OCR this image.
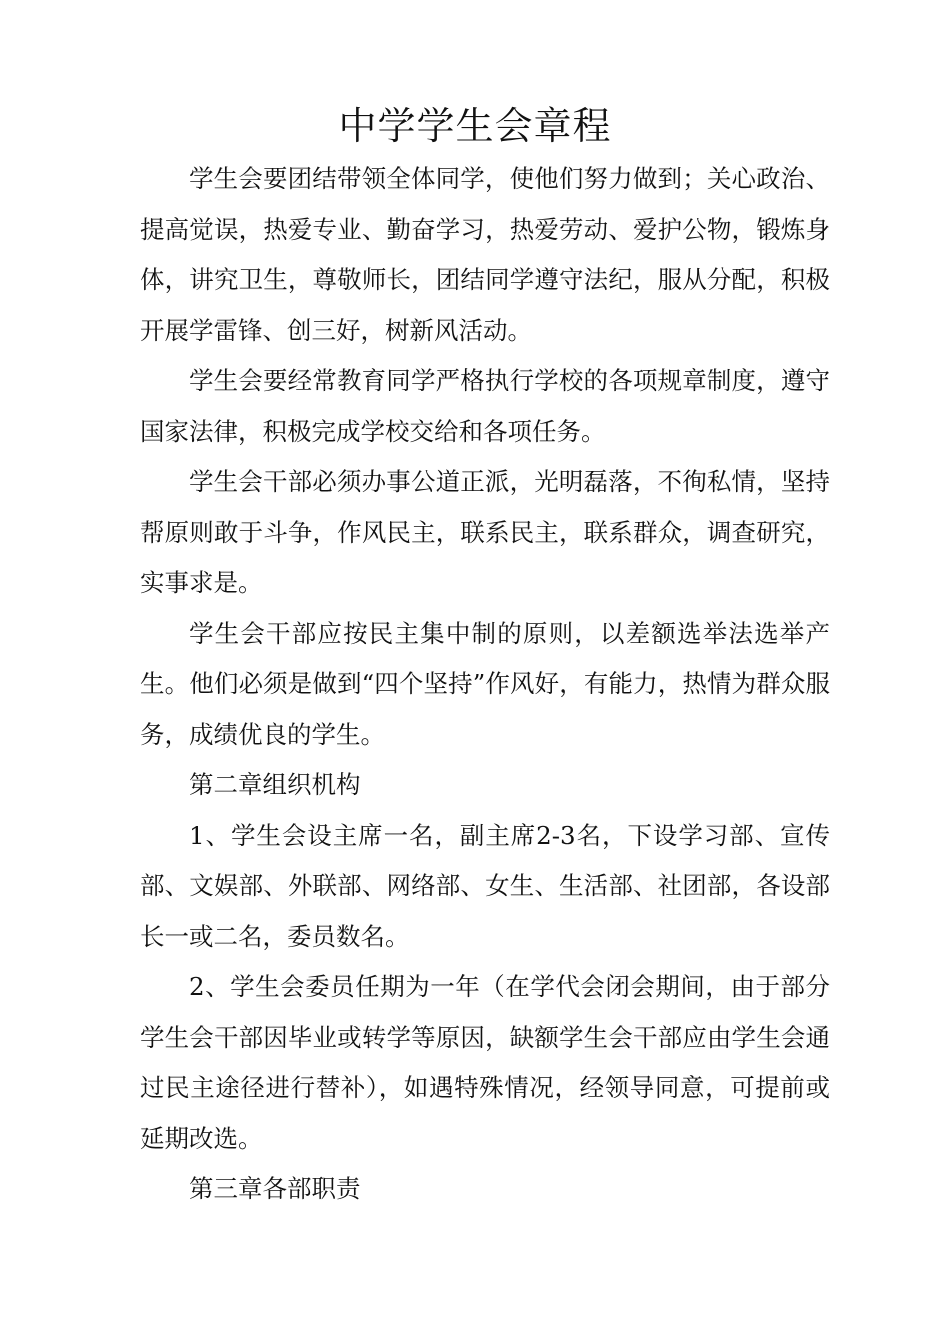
中学学生会章程

学生会要团结带领全体同学，使他们努力做到；关心政治、提高觉误，热爱专业、勤奋学习，热爱劳动、爱护公物，锻炼身体，讲究卫生，尊敬师长，团结同学遵守法纪，服从分配，积极开展学雷锋、创三好，树新风活动。

学生会要经常教育同学严格执行学校的各项规章制度，遵守国家法律，积极完成学校交给和各项任务。

学生会干部必须办事公道正派，光明磊落，不徇私情，坚持帮原则敢于斗争，作风民主，联系民主，联系群众，调查研究，实事求是。

学生会干部应按民主集中制的原则，以差额选举法选举产生。他们必须是做到“四个坚持”作风好，有能力，热情为群众服务，成绩优良的学生。

第二章组织机构

1、学生会设主席一名，副主席2-3名，下设学习部、宣传部、文娱部、外联部、网络部、女生、生活部、社团部，各设部长一或二名，委员数名。

2、学生会委员任期为一年（在学代会闭会期间，由于部分学生会干部因毕业或转学等原因，缺额学生会干部应由学生会通过民主途径进行替补），如遇特殊情况，经领导同意，可提前或延期改选。

第三章各部职责
